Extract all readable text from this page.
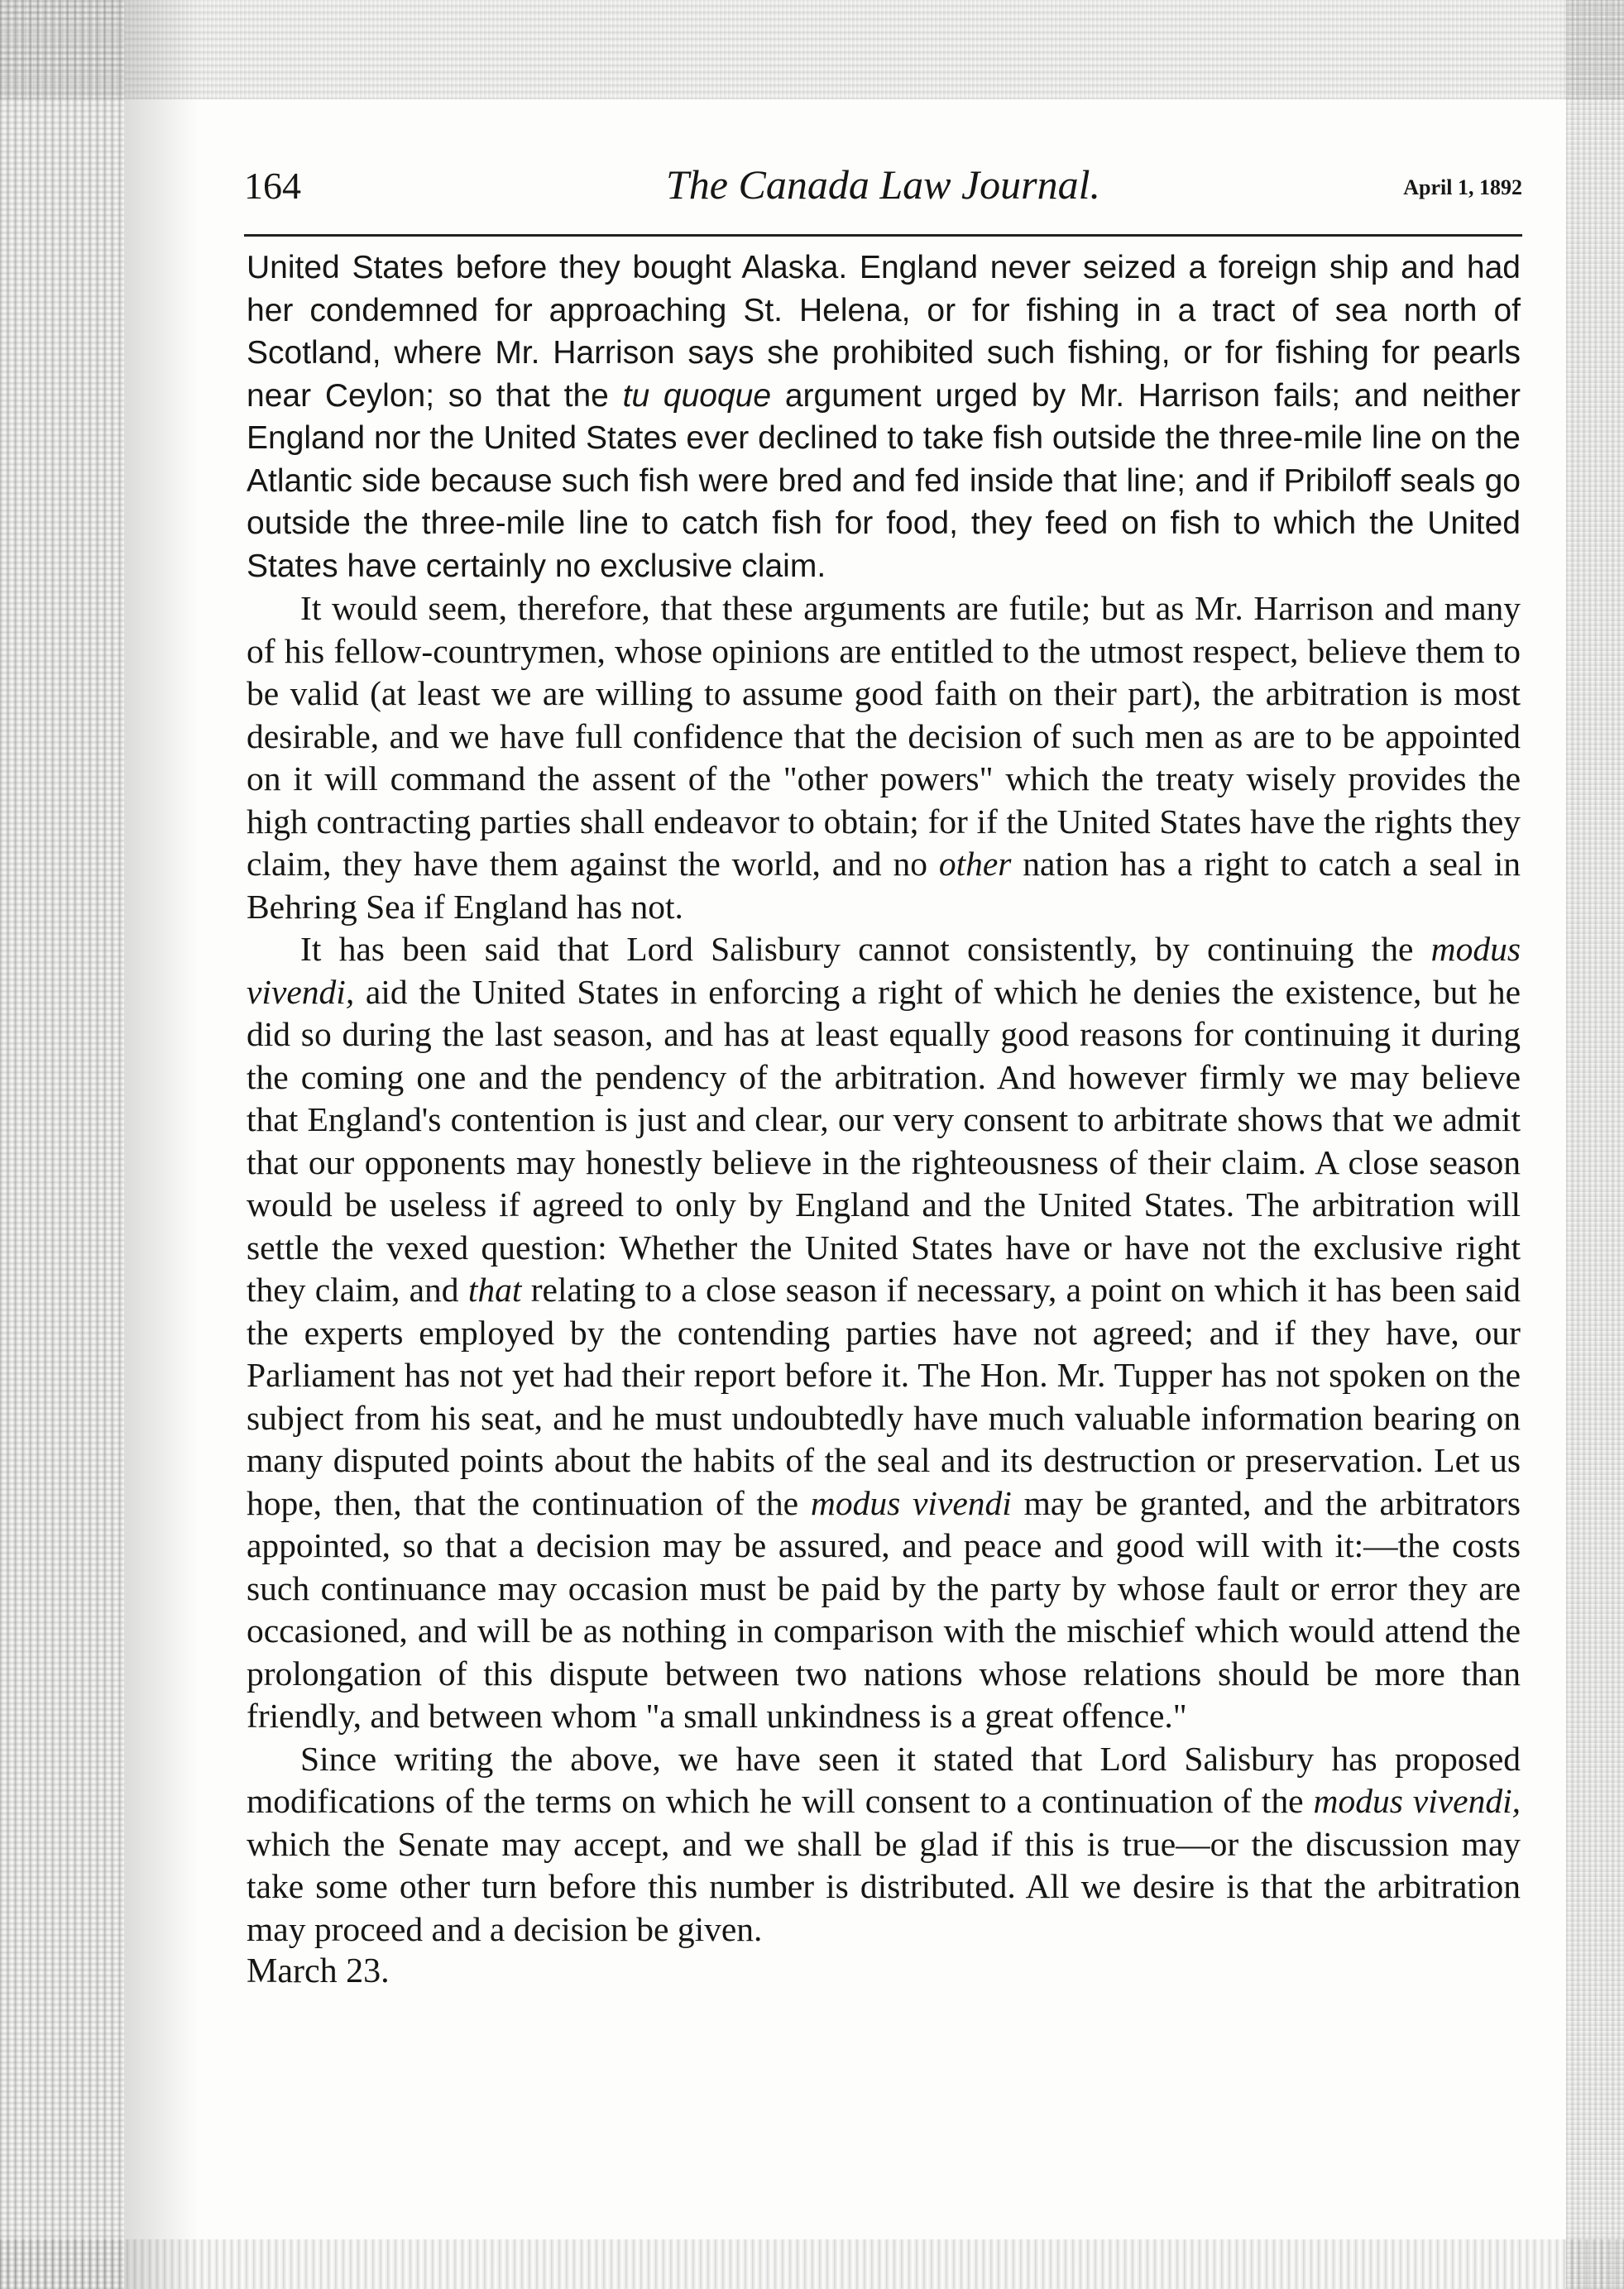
164	The Canada Law Journal.	April 1, 1892

United States before they bought Alaska. England never seized a foreign ship and had her condemned for approaching St. Helena, or for fishing in a tract of sea north of Scotland, where Mr. Harrison says she prohibited such fishing, or for fishing for pearls near Ceylon; so that the tu quoque argument urged by Mr. Harrison fails; and neither England nor the United States ever declined to take fish outside the three-mile line on the Atlantic side because such fish were bred and fed inside that line; and if Pribiloff seals go outside the three-mile line to catch fish for food, they feed on fish to which the United States have certainly no exclusive claim.

It would seem, therefore, that these arguments are futile; but as Mr. Harrison and many of his fellow-countrymen, whose opinions are entitled to the utmost respect, believe them to be valid (at least we are willing to assume good faith on their part), the arbitration is most desirable, and we have full confidence that the decision of such men as are to be appointed on it will command the assent of the "other powers" which the treaty wisely provides the high contracting parties shall endeavor to obtain; for if the United States have the rights they claim, they have them against the world, and no other nation has a right to catch a seal in Behring Sea if England has not.

It has been said that Lord Salisbury cannot consistently, by continuing the modus vivendi, aid the United States in enforcing a right of which he denies the existence, but he did so during the last season, and has at least equally good reasons for continuing it during the coming one and the pendency of the arbitration. And however firmly we may believe that England's contention is just and clear, our very consent to arbitrate shows that we admit that our opponents may honestly believe in the righteousness of their claim. A close season would be useless if agreed to only by England and the United States. The arbitration will settle the vexed question: Whether the United States have or have not the exclusive right they claim, and that relating to a close season if necessary, a point on which it has been said the experts employed by the contending parties have not agreed; and if they have, our Parliament has not yet had their report before it. The Hon. Mr. Tupper has not spoken on the subject from his seat, and he must undoubtedly have much valuable information bearing on many disputed points about the habits of the seal and its destruction or preservation. Let us hope, then, that the continuation of the modus vivendi may be granted, and the arbitrators appointed, so that a decision may be assured, and peace and good will with it:—the costs such continuance may occasion must be paid by the party by whose fault or error they are occasioned, and will be as nothing in comparison with the mischief which would attend the prolongation of this dispute between two nations whose relations should be more than friendly, and between whom "a small unkindness is a great offence."

Since writing the above, we have seen it stated that Lord Salisbury has proposed modifications of the terms on which he will consent to a continuation of the modus vivendi, which the Senate may accept, and we shall be glad if this is true—or the discussion may take some other turn before this number is distributed. All we desire is that the arbitration may proceed and a decision be given.

March 23.
